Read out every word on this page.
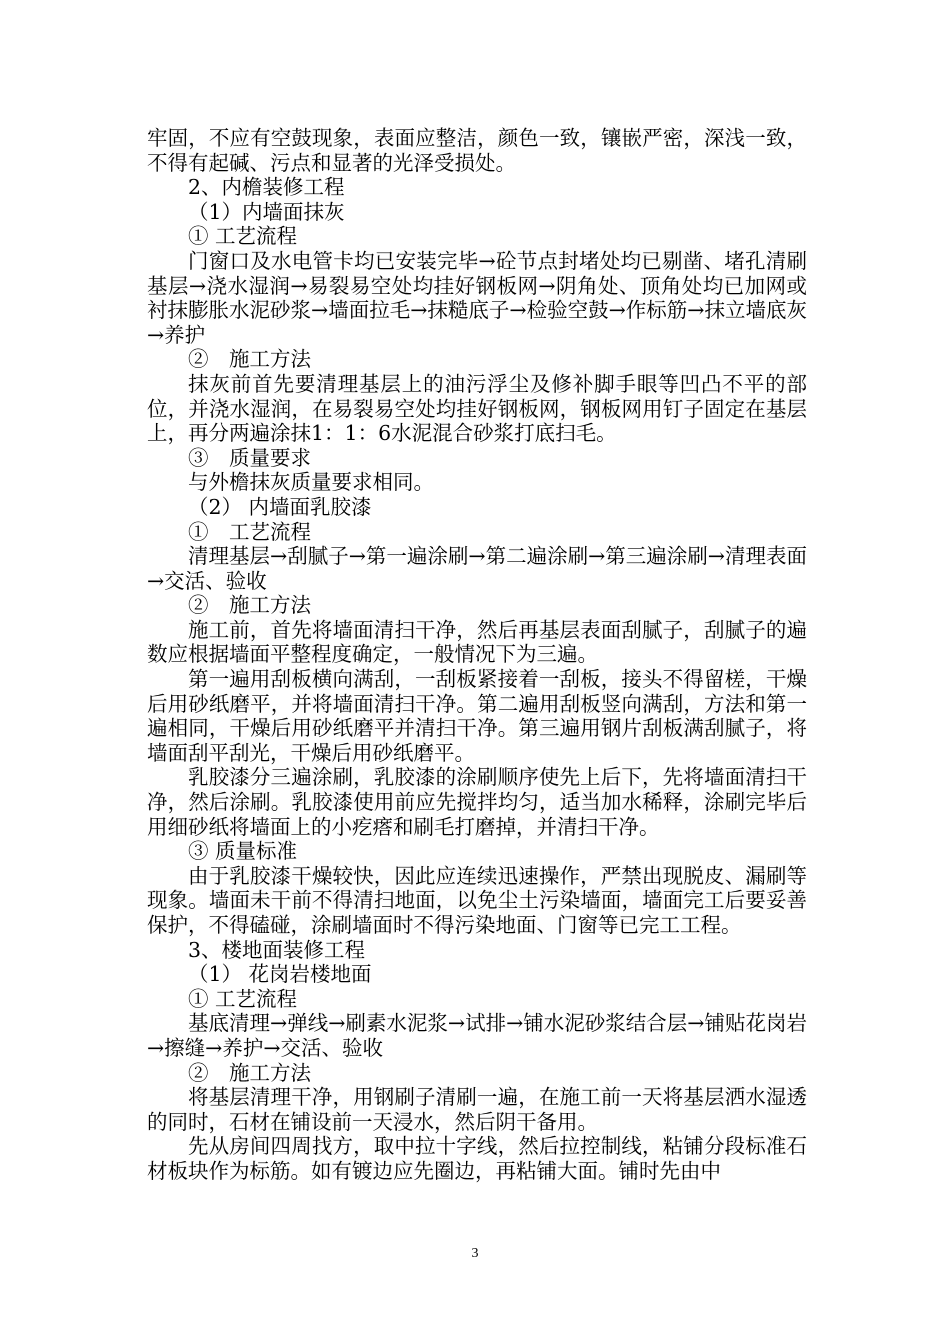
牢固，不应有空鼓现象，表面应整洁，颜色一致，镶嵌严密，深浅一致，不得有起碱、污点和显著的光泽受损处。

2、内檐装修工程

（1）内墙面抹灰

① 工艺流程

门窗口及水电管卡均已安装完毕→砼节点封堵处均已剔凿、堵孔清刷基层→浇水湿润→易裂易空处均挂好钢板网→阴角处、顶角处均已加网或衬抹膨胀水泥砂浆→墙面拉毛→抹糙底子→检验空鼓→作标筋→抹立墙底灰→养护

②　施工方法

抹灰前首先要清理基层上的油污浮尘及修补脚手眼等凹凸不平的部位，并浇水湿润，在易裂易空处均挂好钢板网，钢板网用钉子固定在基层上，再分两遍涂抹1：1：6水泥混合砂浆打底扫毛。

③　质量要求

与外檐抹灰质量要求相同。

（2） 内墙面乳胶漆

①　工艺流程

清理基层→刮腻子→第一遍涂刷→第二遍涂刷→第三遍涂刷→清理表面→交活、验收

②　施工方法

施工前，首先将墙面清扫干净，然后再基层表面刮腻子，刮腻子的遍数应根据墙面平整程度确定，一般情况下为三遍。

第一遍用刮板横向满刮，一刮板紧接着一刮板，接头不得留槎，干燥后用砂纸磨平，并将墙面清扫干净。第二遍用刮板竖向满刮，方法和第一遍相同，干燥后用砂纸磨平并清扫干净。第三遍用钢片刮板满刮腻子，将墙面刮平刮光，干燥后用砂纸磨平。

乳胶漆分三遍涂刷，乳胶漆的涂刷顺序使先上后下，先将墙面清扫干净，然后涂刷。乳胶漆使用前应先搅拌均匀，适当加水稀释，涂刷完毕后用细砂纸将墙面上的小疙瘩和刷毛打磨掉，并清扫干净。

③ 质量标准

由于乳胶漆干燥较快，因此应连续迅速操作，严禁出现脱皮、漏刷等现象。墙面未干前不得清扫地面，以免尘土污染墙面，墙面完工后要妥善保护，不得磕碰，涂刷墙面时不得污染地面、门窗等已完工工程。

3、楼地面装修工程

（1） 花岗岩楼地面

① 工艺流程

基底清理→弹线→刷素水泥浆→试排→铺水泥砂浆结合层→铺贴花岗岩→擦缝→养护→交活、验收

②　施工方法

将基层清理干净，用钢刷子清刷一遍，在施工前一天将基层洒水湿透的同时，石材在铺设前一天浸水，然后阴干备用。

先从房间四周找方，取中拉十字线，然后拉控制线，粘铺分段标准石材板块作为标筋。如有镀边应先圈边，再粘铺大面。铺时先由中

3
